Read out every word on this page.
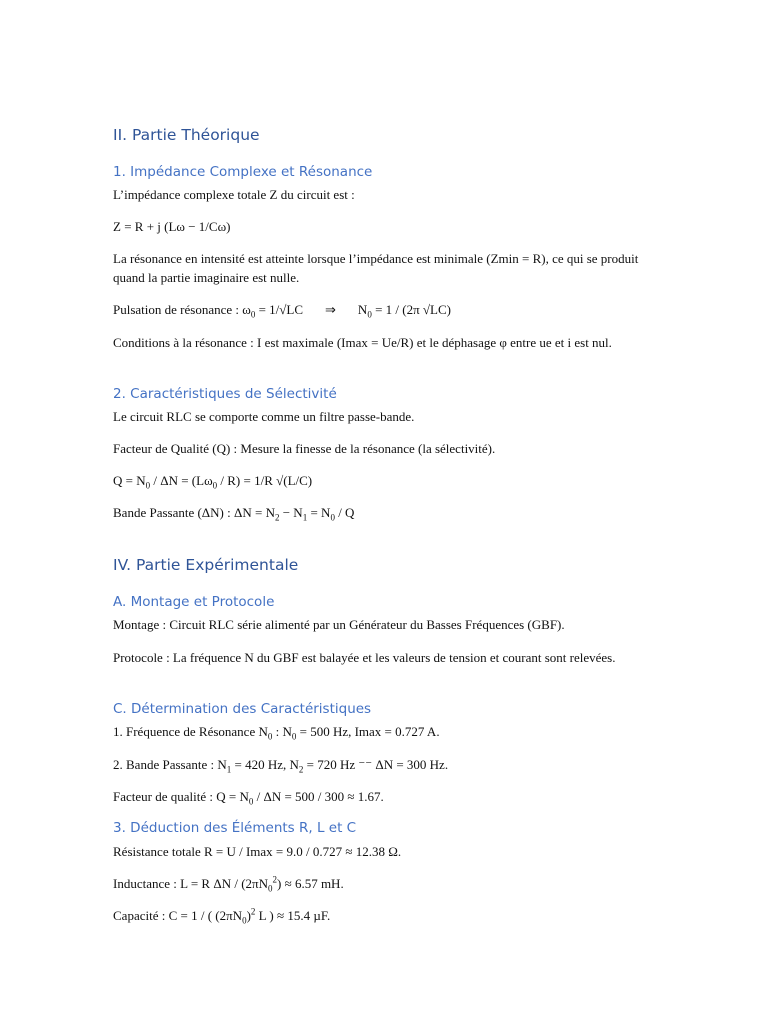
II. Partie Théorique
1. Impédance Complexe et Résonance
L’impédance complexe totale Z du circuit est :
Z = R + j (Lω − 1/Cω)
La résonance en intensité est atteinte lorsque l’impédance est minimale (Zmin = R), ce qui se produit quand la partie imaginaire est nulle.
Pulsation de résonance : $\omega_0 = 1/√LC$ ⇒ $N_0 = 1 / (2\pi$ √LC)
Conditions à la résonance : I est maximale (Imax = Ue/R) et le déphasage φ entre ue et i est nul.
2. Caractéristiques de Sélectivité
Le circuit RLC se comporte comme un filtre passe-bande.
Facteur de Qualité (Q) : Mesure la finesse de la résonance (la sélectivité).
$Q = N_0 / \Delta N = (L\omega_0 / R) = 1/R$ √(L/C)
Bande Passante (ΔN) : $\Delta N = N_2 - N_1 = N_0 / Q$
IV. Partie Expérimentale
A. Montage et Protocole
Montage : Circuit RLC série alimenté par un Générateur du Basses Fréquences (GBF).
Protocole : La fréquence N du GBF est balayée et les valeurs de tension et courant sont relevées.
C. Détermination des Caractéristiques
1. Fréquence de Résonance $N_0$ : $N_0 = 500$ Hz, Imax = 0.727 A.
2. Bande Passante : $N_1 = 420$ Hz, $N_2 = 720$ Hz ⁻⁻ ΔN = 300 Hz.
Facteur de qualité : $Q = N_0 / \Delta N = 500 / 300 \approx 1.67$.
3. Déduction des Éléments R, L et C
Résistance totale R = U / Imax = 9.0 / 0.727 ≈ 12.38 Ω.
Inductance : L = R $\Delta N / (2\pi N_0^2) \approx 6.57$ mH.
Capacité : C = 1 / ( $(2\pi N_0)^2$ L ) ≈ 15.4 µF.
